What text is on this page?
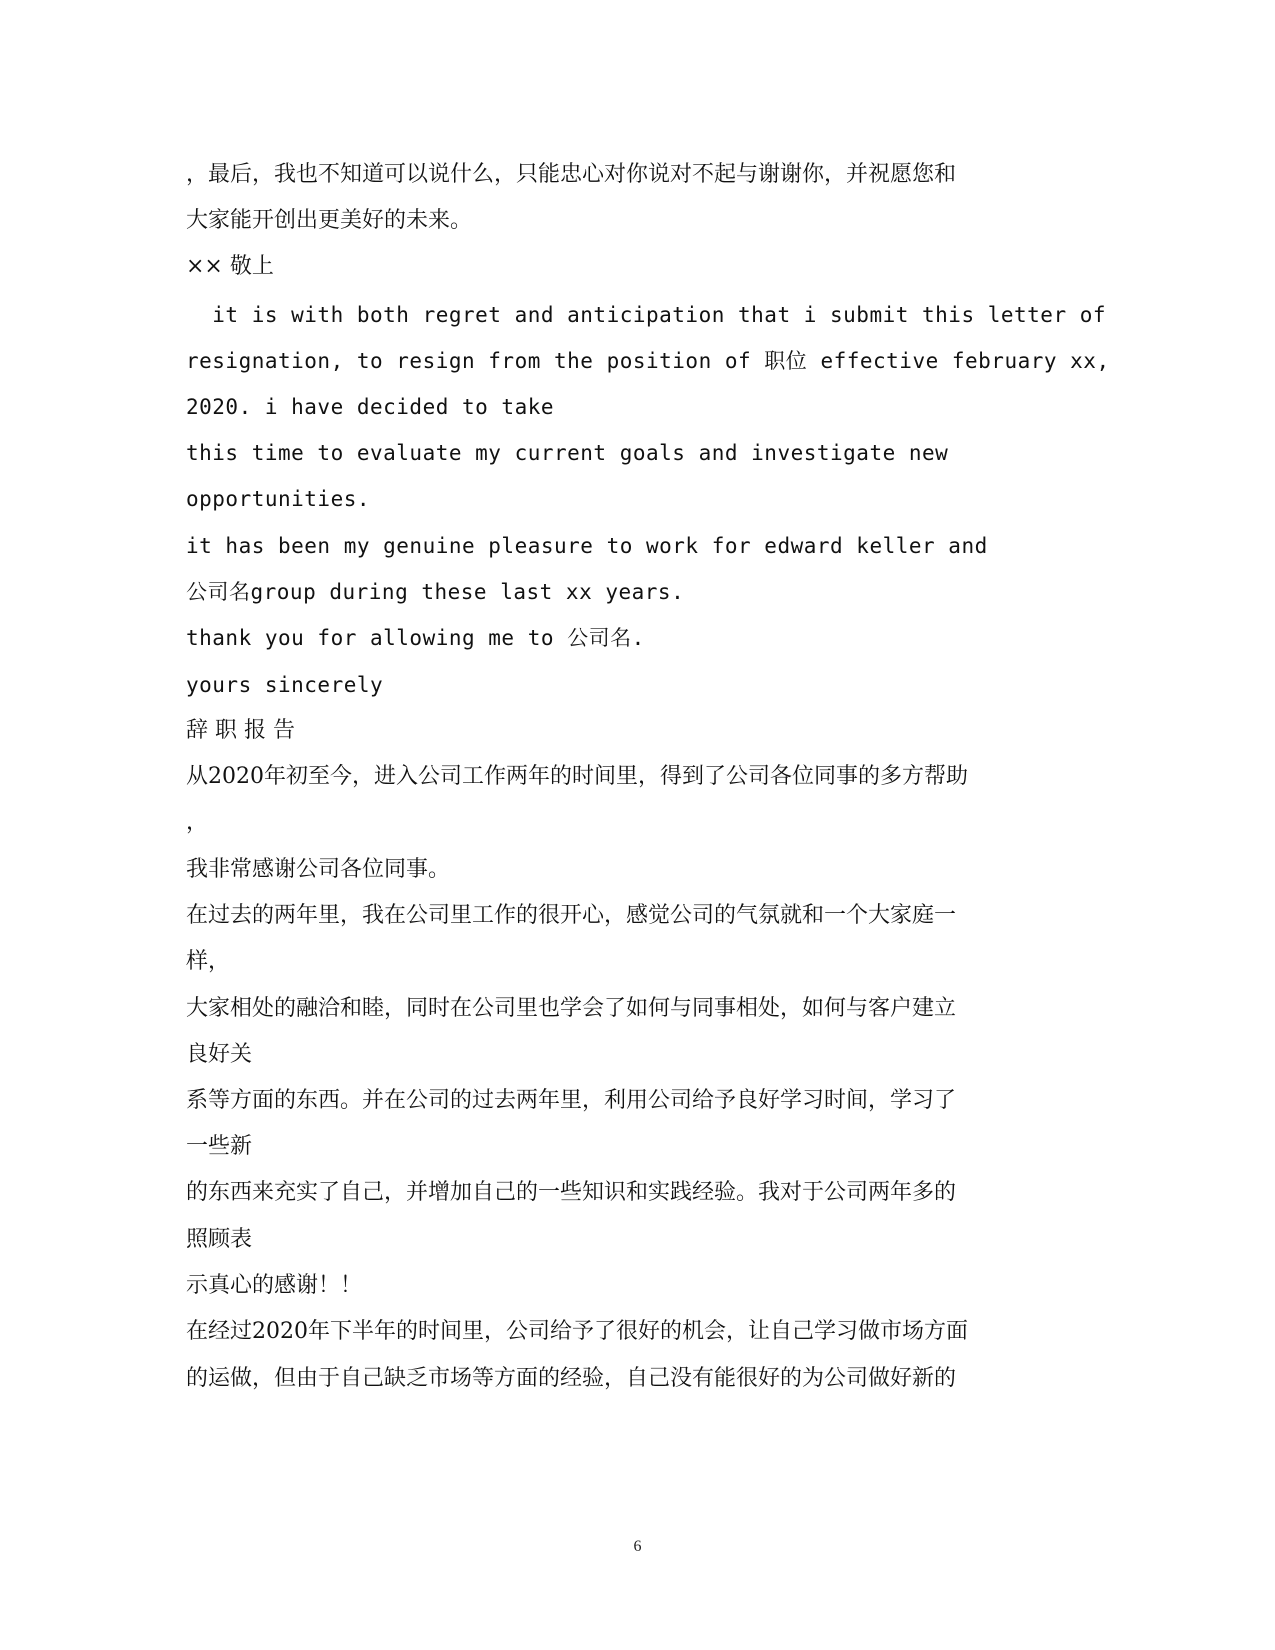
，最后，我也不知道可以说什么，只能忠心对你说对不起与谢谢你，并祝愿您和
大家能开创出更美好的未来。
×× 敬上
it is with both regret and anticipation that i submit this letter of
resignation, to resign from the position of 职位 effective february xx,
2020. i have decided to take
this time to evaluate my current goals and investigate new
opportunities.
it has been my genuine pleasure to work for edward keller and
公司名group during these last xx years.
thank you for allowing me to 公司名.
yours sincerely
辞 职 报 告
从2020年初至今，进入公司工作两年的时间里，得到了公司各位同事的多方帮助
，
我非常感谢公司各位同事。
在过去的两年里，我在公司里工作的很开心，感觉公司的气氛就和一个大家庭一
样，
大家相处的融洽和睦，同时在公司里也学会了如何与同事相处，如何与客户建立
良好关
系等方面的东西。并在公司的过去两年里，利用公司给予良好学习时间，学习了
一些新
的东西来充实了自己，并增加自己的一些知识和实践经验。我对于公司两年多的
照顾表
示真心的感谢！！
在经过2020年下半年的时间里，公司给予了很好的机会，让自己学习做市场方面
的运做，但由于自己缺乏市场等方面的经验，自己没有能很好的为公司做好新的
6
